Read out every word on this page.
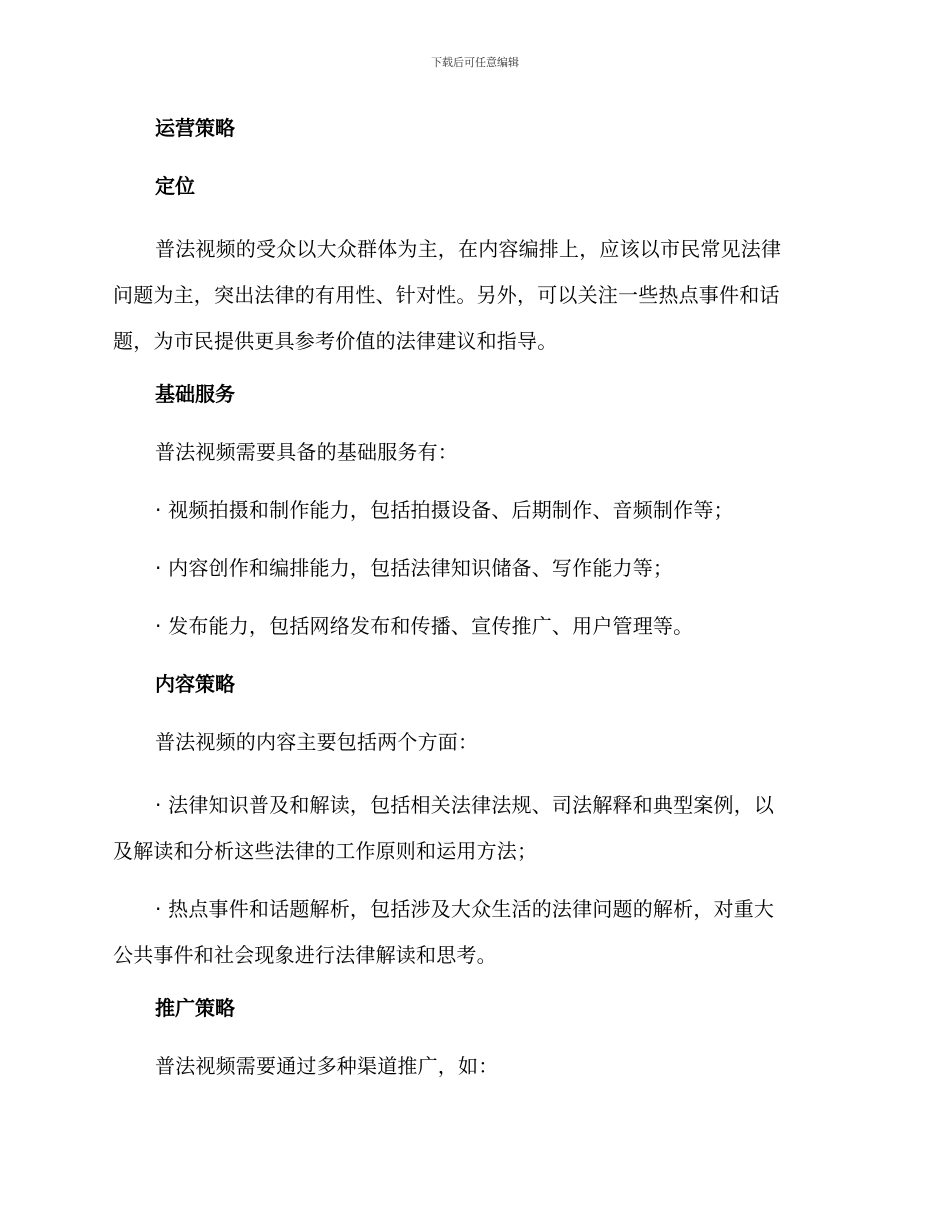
下载后可任意编辑
运营策略
定位
普法视频的受众以大众群体为主，在内容编排上，应该以市民常见法律
问题为主，突出法律的有用性、针对性。另外，可以关注一些热点事件和话
题，为市民提供更具参考价值的法律建议和指导。
基础服务
普法视频需要具备的基础服务有：
· 视频拍摄和制作能力，包括拍摄设备、后期制作、音频制作等；
· 内容创作和编排能力，包括法律知识储备、写作能力等；
· 发布能力，包括网络发布和传播、宣传推广、用户管理等。
内容策略
普法视频的内容主要包括两个方面：
· 法律知识普及和解读，包括相关法律法规、司法解释和典型案例，以
及解读和分析这些法律的工作原则和运用方法；
· 热点事件和话题解析，包括涉及大众生活的法律问题的解析，对重大
公共事件和社会现象进行法律解读和思考。
推广策略
普法视频需要通过多种渠道推广，如：
